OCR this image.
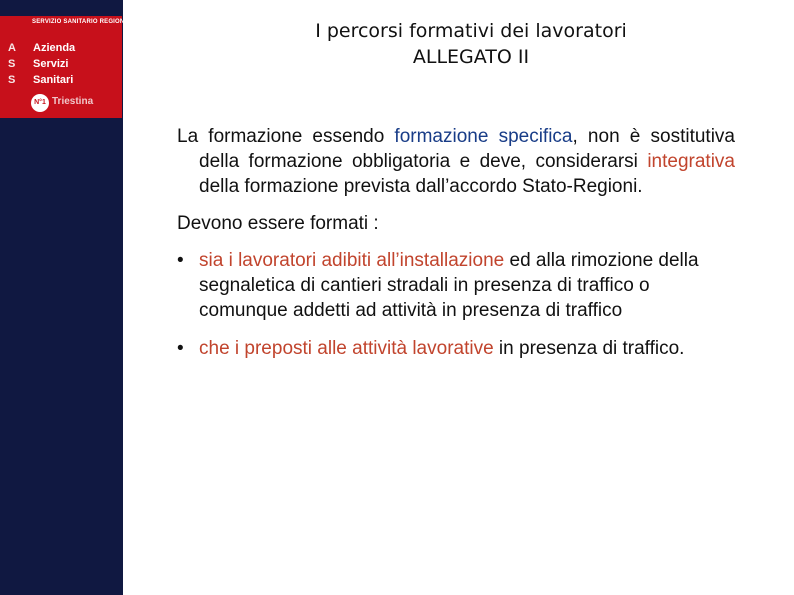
SERVIZIO SANITARIO REGIONALE
A
S
S
Azienda
Servizi
Sanitari
N°1 Triestina
I percorsi formativi dei lavoratori
ALLEGATO II

La formazione essendo formazione specifica, non è sostitutiva della formazione obbligatoria e deve, considerarsi integrativa della formazione prevista dall’accordo Stato-Regioni.

Devono essere formati :

• sia i lavoratori adibiti all’installazione ed alla rimozione della segnaletica di cantieri stradali in presenza di traffico o comunque addetti ad attività in presenza di traffico
• che i preposti alle attività lavorative in presenza di traffico.
